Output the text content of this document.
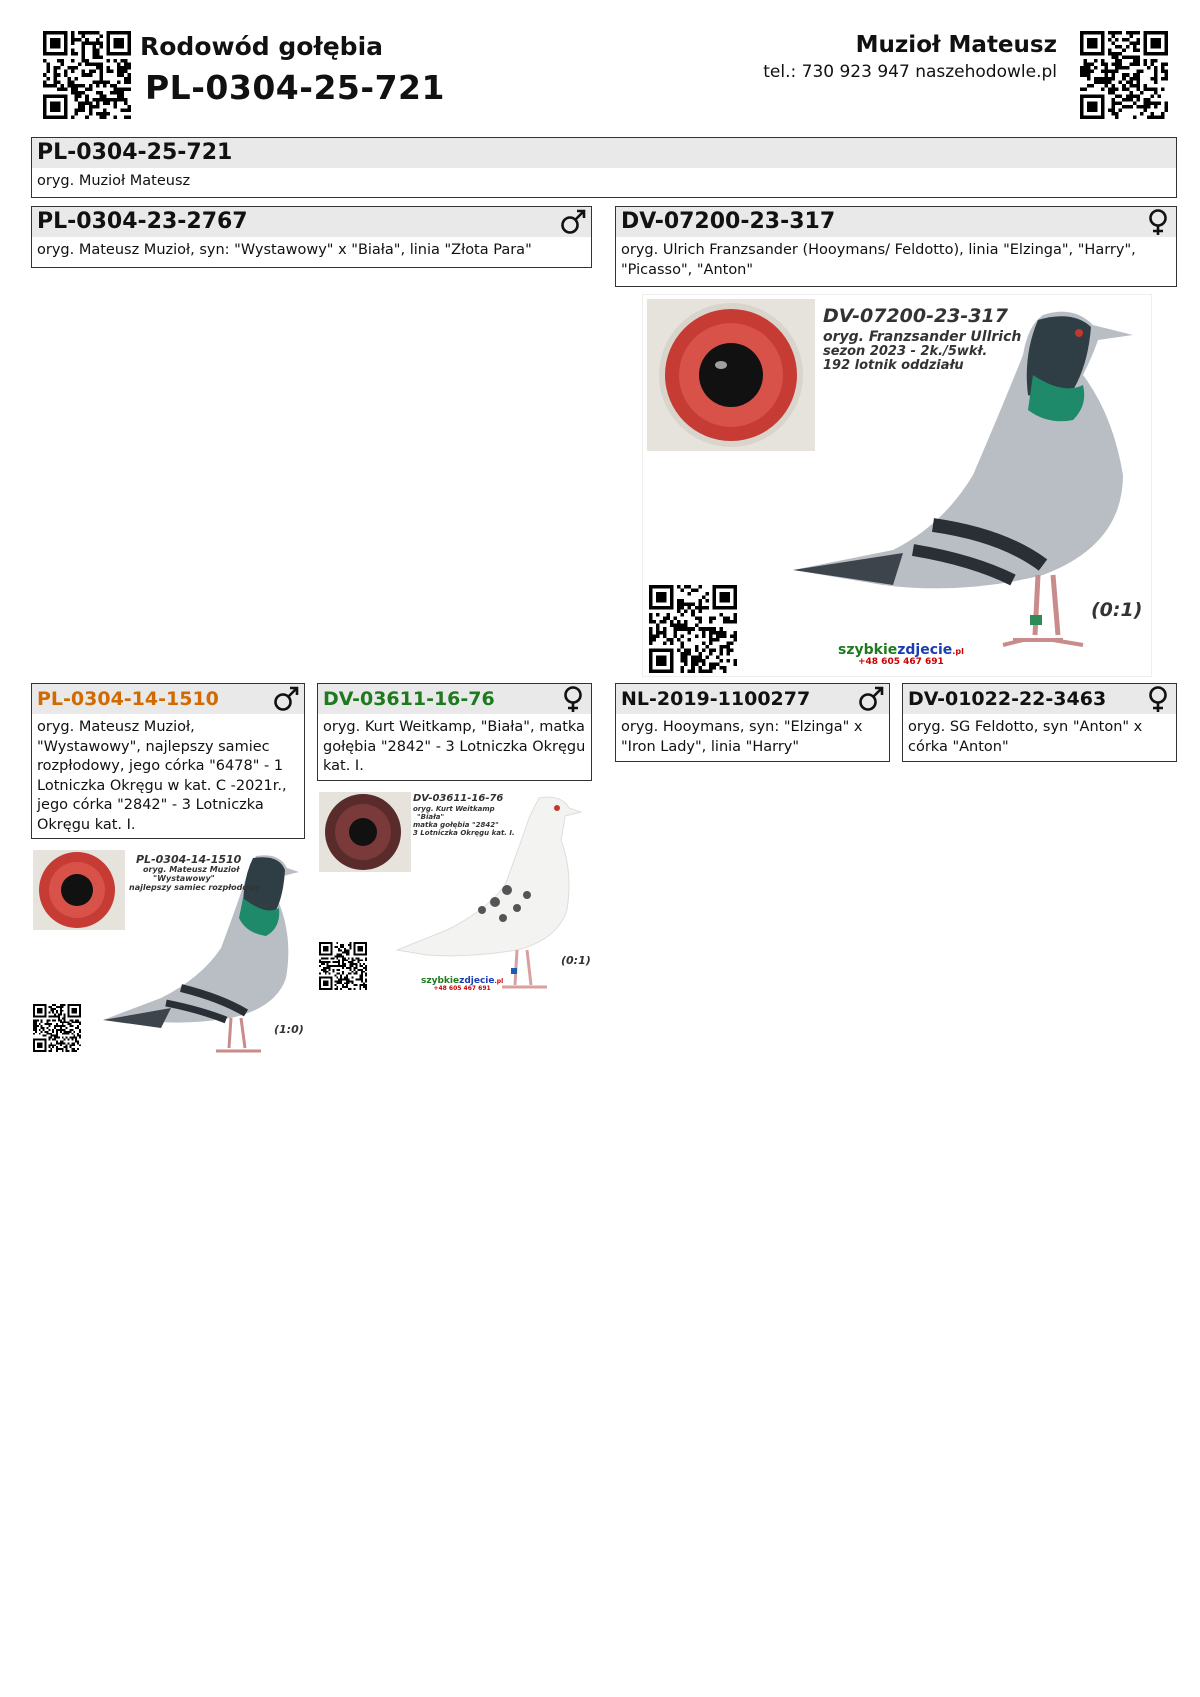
Rodowód gołębia
PL-0304-25-721
Muzioł Mateusz
tel.: 730 923 947 naszehodowle.pl
PL-0304-25-721
oryg. Muzioł Mateusz
PL-0304-23-2767
oryg. Mateusz Muzioł, syn: "Wystawowy" x "Biała", linia "Złota Para"
DV-07200-23-317
oryg. Ulrich Franzsander (Hooymans/ Feldotto), linia "Elzinga", "Harry", "Picasso", "Anton"
DV-07200-23-317
oryg. Franzsander Ullrich
sezon 2023 - 2k./5wkł.
192 lotnik oddziału
(0:1)
szybkiezdjecie.pl
+48 605 467 691
PL-0304-14-1510
oryg. Mateusz Muzioł, "Wystawowy", najlepszy samiec rozpłodowy, jego córka "6478" - 1 Lotniczka Okręgu w kat. C -2021r., jego córka "2842" - 3 Lotniczka Okręgu kat. I.
PL-0304-14-1510
oryg. Mateusz Muzioł
"Wystawowy"
najlepszy samiec rozpłodowy
(1:0)
DV-03611-16-76
oryg. Kurt Weitkamp, "Biała", matka gołębia "2842" - 3 Lotniczka Okręgu kat. I.
DV-03611-16-76
oryg. Kurt Weitkamp
"Biała"
matka gołębia "2842"
3 Lotniczka Okręgu kat. I.
(0:1)
szybkiezdjecie.pl
+48 605 467 691
NL-2019-1100277
oryg. Hooymans, syn: "Elzinga" x "Iron Lady", linia "Harry"
DV-01022-22-3463
oryg. SG Feldotto, syn "Anton" x córka "Anton"
